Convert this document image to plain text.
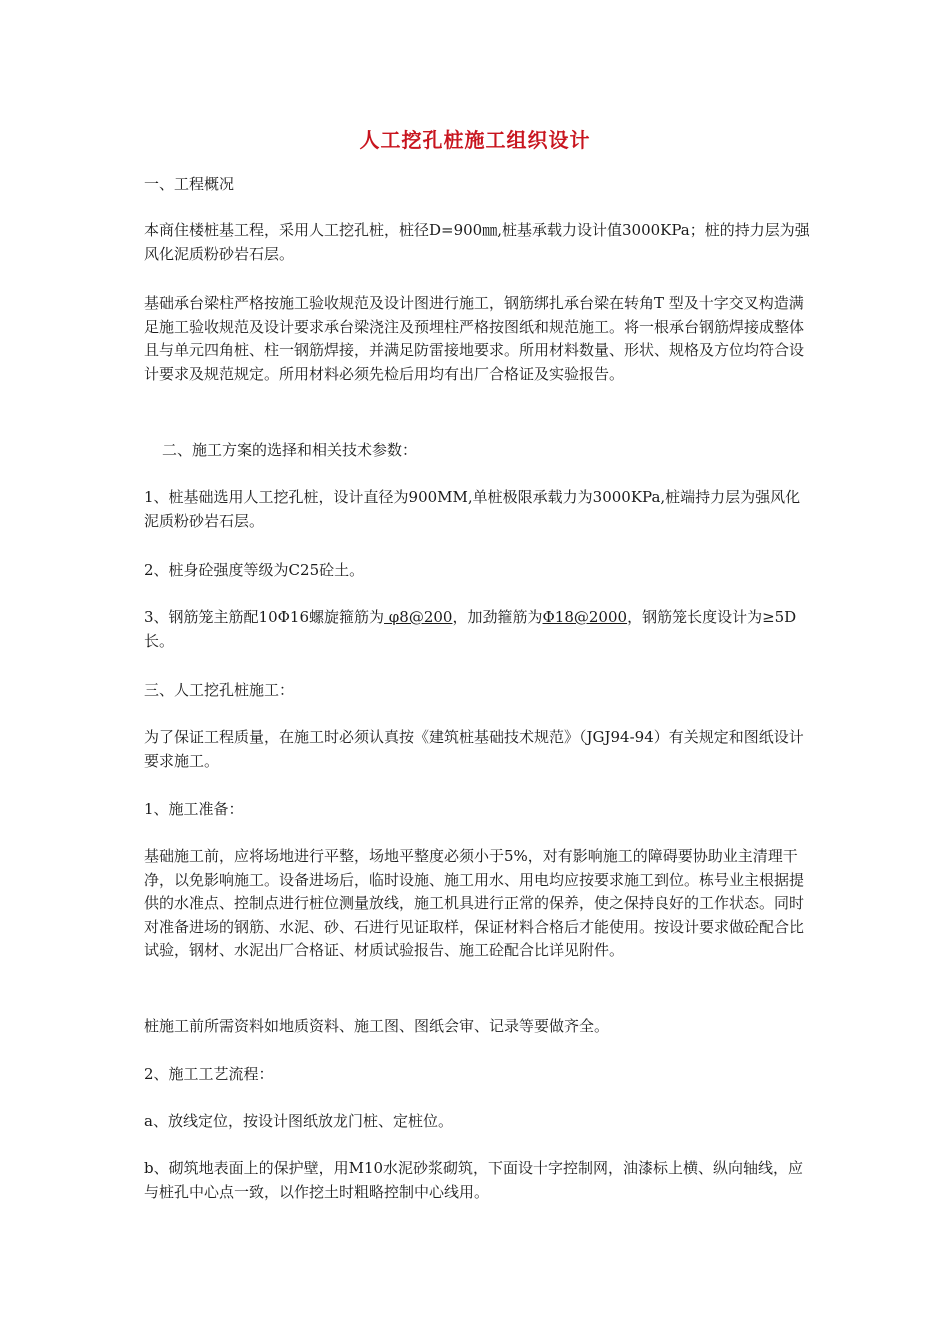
人工挖孔桩施工组织设计

一、工程概况

本商住楼桩基工程，采用人工挖孔桩，桩径D=900㎜,桩基承载力设计值3000KPa；桩的持力层为强风化泥质粉砂岩石层。

基础承台梁柱严格按施工验收规范及设计图进行施工，钢筋绑扎承台梁在转角T 型及十字交叉构造满足施工验收规范及设计要求承台梁浇注及预埋柱严格按图纸和规范施工。将一根承台钢筋焊接成整体且与单元四角桩、柱一钢筋焊接，并满足防雷接地要求。所用材料数量、形状、规格及方位均符合设计要求及规范规定。所用材料必须先检后用均有出厂合格证及实验报告。

二、施工方案的选择和相关技术参数：

1、桩基础选用人工挖孔桩，设计直径为900MM,单桩极限承载力为3000KPa,桩端持力层为强风化泥质粉砂岩石层。

2、桩身砼强度等级为C25砼土。

3、钢筋笼主筋配10Φ16螺旋箍筋为 φ8@200，加劲箍筋为Φ18@2000，钢筋笼长度设计为≥5D长。

三、人工挖孔桩施工：

为了保证工程质量，在施工时必须认真按《建筑桩基础技术规范》（JGJ94-94）有关规定和图纸设计要求施工。

1、施工准备：

基础施工前，应将场地进行平整，场地平整度必须小于5%，对有影响施工的障碍要协助业主清理干净，以免影响施工。设备进场后，临时设施、施工用水、用电均应按要求施工到位。栋号业主根据提供的水准点、控制点进行桩位测量放线，施工机具进行正常的保养，使之保持良好的工作状态。同时对准备进场的钢筋、水泥、砂、石进行见证取样，保证材料合格后才能使用。按设计要求做砼配合比试验，钢材、水泥出厂合格证、材质试验报告、施工砼配合比详见附件。

桩施工前所需资料如地质资料、施工图、图纸会审、记录等要做齐全。

2、施工工艺流程：

a、放线定位，按设计图纸放龙门桩、定桩位。

b、砌筑地表面上的保护壁，用M10水泥砂浆砌筑，下面设十字控制网，油漆标上横、纵向轴线，应与桩孔中心点一致，以作挖土时粗略控制中心线用。
